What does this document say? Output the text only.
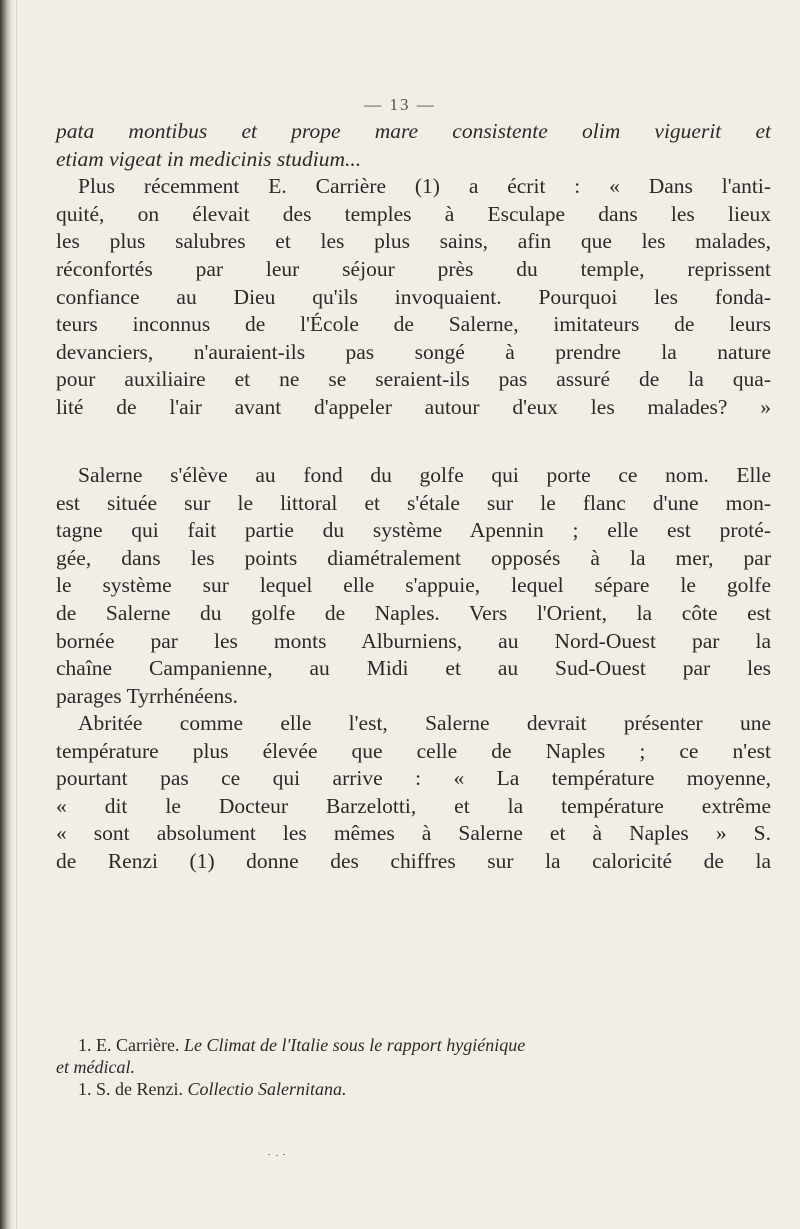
— 13 —
pata montibus et prope mare consistente olim viguerit et
etiam vigeat in medicinis studium...
Plus récemment E. Carrière (1) a écrit : « Dans l'anti-
quité, on élevait des temples à Esculape dans les lieux
les plus salubres et les plus sains, afin que les malades,
réconfortés par leur séjour près du temple, reprissent
confiance au Dieu qu'ils invoquaient. Pourquoi les fonda-
teurs inconnus de l'École de Salerne, imitateurs de leurs
devanciers, n'auraient-ils pas songé à prendre la nature
pour auxiliaire et ne se seraient-ils pas assuré de la qua-
lité de l'air avant d'appeler autour d'eux les malades? »
Salerne s'élève au fond du golfe qui porte ce nom. Elle
est située sur le littoral et s'étale sur le flanc d'une mon-
tagne qui fait partie du système Apennin ; elle est proté-
gée, dans les points diamétralement opposés à la mer, par
le système sur lequel elle s'appuie, lequel sépare le golfe
de Salerne du golfe de Naples. Vers l'Orient, la côte est
bornée par les monts Alburniens, au Nord-Ouest par la
chaîne Campanienne, au Midi et au Sud-Ouest par les
parages Tyrrhénéens.
Abritée comme elle l'est, Salerne devrait présenter une
température plus élevée que celle de Naples ; ce n'est
pourtant pas ce qui arrive : « La température moyenne,
« dit le Docteur Barzelotti, et la température extrême
« sont absolument les mêmes à Salerne et à Naples » S.
de Renzi (1) donne des chiffres sur la caloricité de la
1. E. Carrière. Le Climat de l'Italie sous le rapport hygiénique
et médical.
1. S. de Renzi. Collectio Salernitana.
